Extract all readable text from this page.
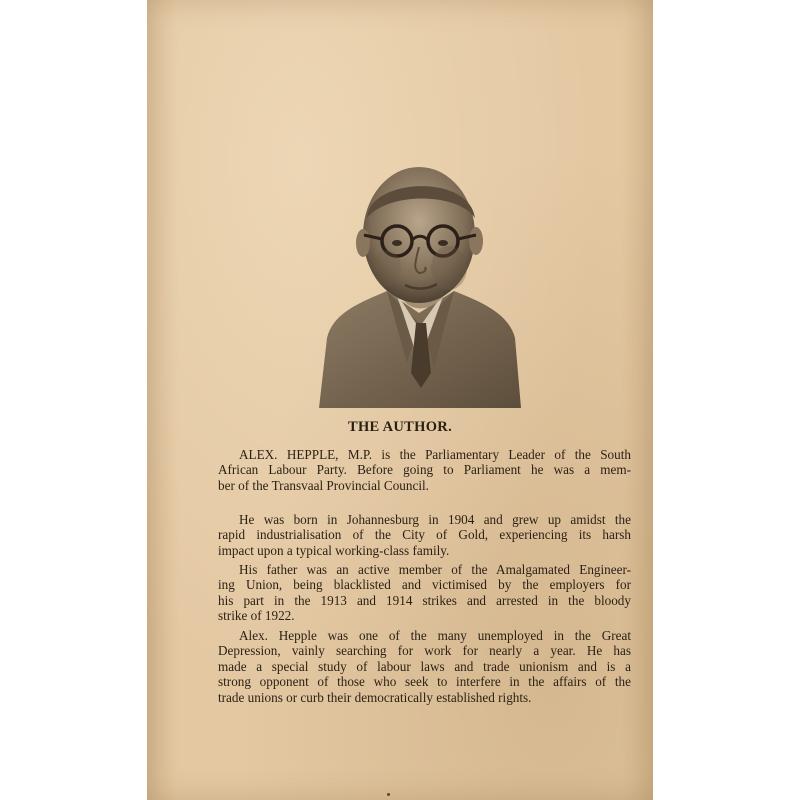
THE AUTHOR.
ALEX. HEPPLE, M.P. is the Parliamentary Leader of the South
African Labour Party. Before going to Parliament he was a mem-
ber of the Transvaal Provincial Council.
He was born in Johannesburg in 1904 and grew up amidst the
rapid industrialisation of the City of Gold, experiencing its harsh
impact upon a typical working-class family.
His father was an active member of the Amalgamated Engineer-
ing Union, being blacklisted and victimised by the employers for
his part in the 1913 and 1914 strikes and arrested in the bloody
strike of 1922.
Alex. Hepple was one of the many unemployed in the Great
Depression, vainly searching for work for nearly a year. He has
made a special study of labour laws and trade unionism and is a
strong opponent of those who seek to interfere in the affairs of the
trade unions or curb their democratically established rights.
